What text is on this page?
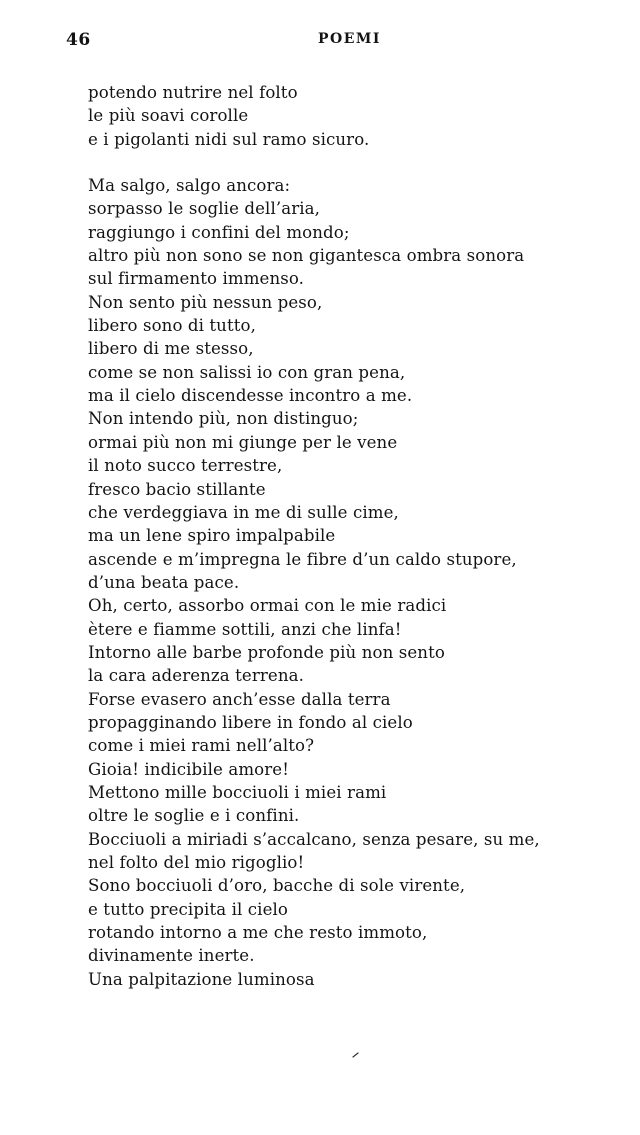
46	POEMI
potendo nutrire nel folto
le più soavi corolle
e i pigolanti nidi sul ramo sicuro.
Ma salgo, salgo ancora:
sorpasso le soglie dell’aria,
raggiungo i confini del mondo;
altro più non sono se non gigantesca ombra sonora
sul firmamento immenso.
Non sento più nessun peso,
libero sono di tutto,
libero di me stesso,
come se non salissi io con gran pena,
ma il cielo discendesse incontro a me.
Non intendo più, non distinguo;
ormai più non mi giunge per le vene
il noto succo terrestre,
fresco bacio stillante
che verdeggiava in me di sulle cime,
ma un lene spiro impalpabile
ascende e m’impregna le fibre d’un caldo stupore,
d’una beata pace.
Oh, certo, assorbo ormai con le mie radici
ètere e fiamme sottili, anzi che linfa!
Intorno alle barbe profonde più non sento
la cara aderenza terrena.
Forse evasero anch’esse dalla terra
propagginando libere in fondo al cielo
come i miei rami nell’alto?
Gioia! indicibile amore!
Mettono mille bocciuoli i miei rami
oltre le soglie e i confini.
Bocciuoli a miriadi s’accalcano, senza pesare, su me,
nel folto del mio rigoglio!
Sono bocciuoli d’oro, bacche di sole virente,
e tutto precipita il cielo
rotando intorno a me che resto immoto,
divinamente inerte.
Una palpitazione luminosa
